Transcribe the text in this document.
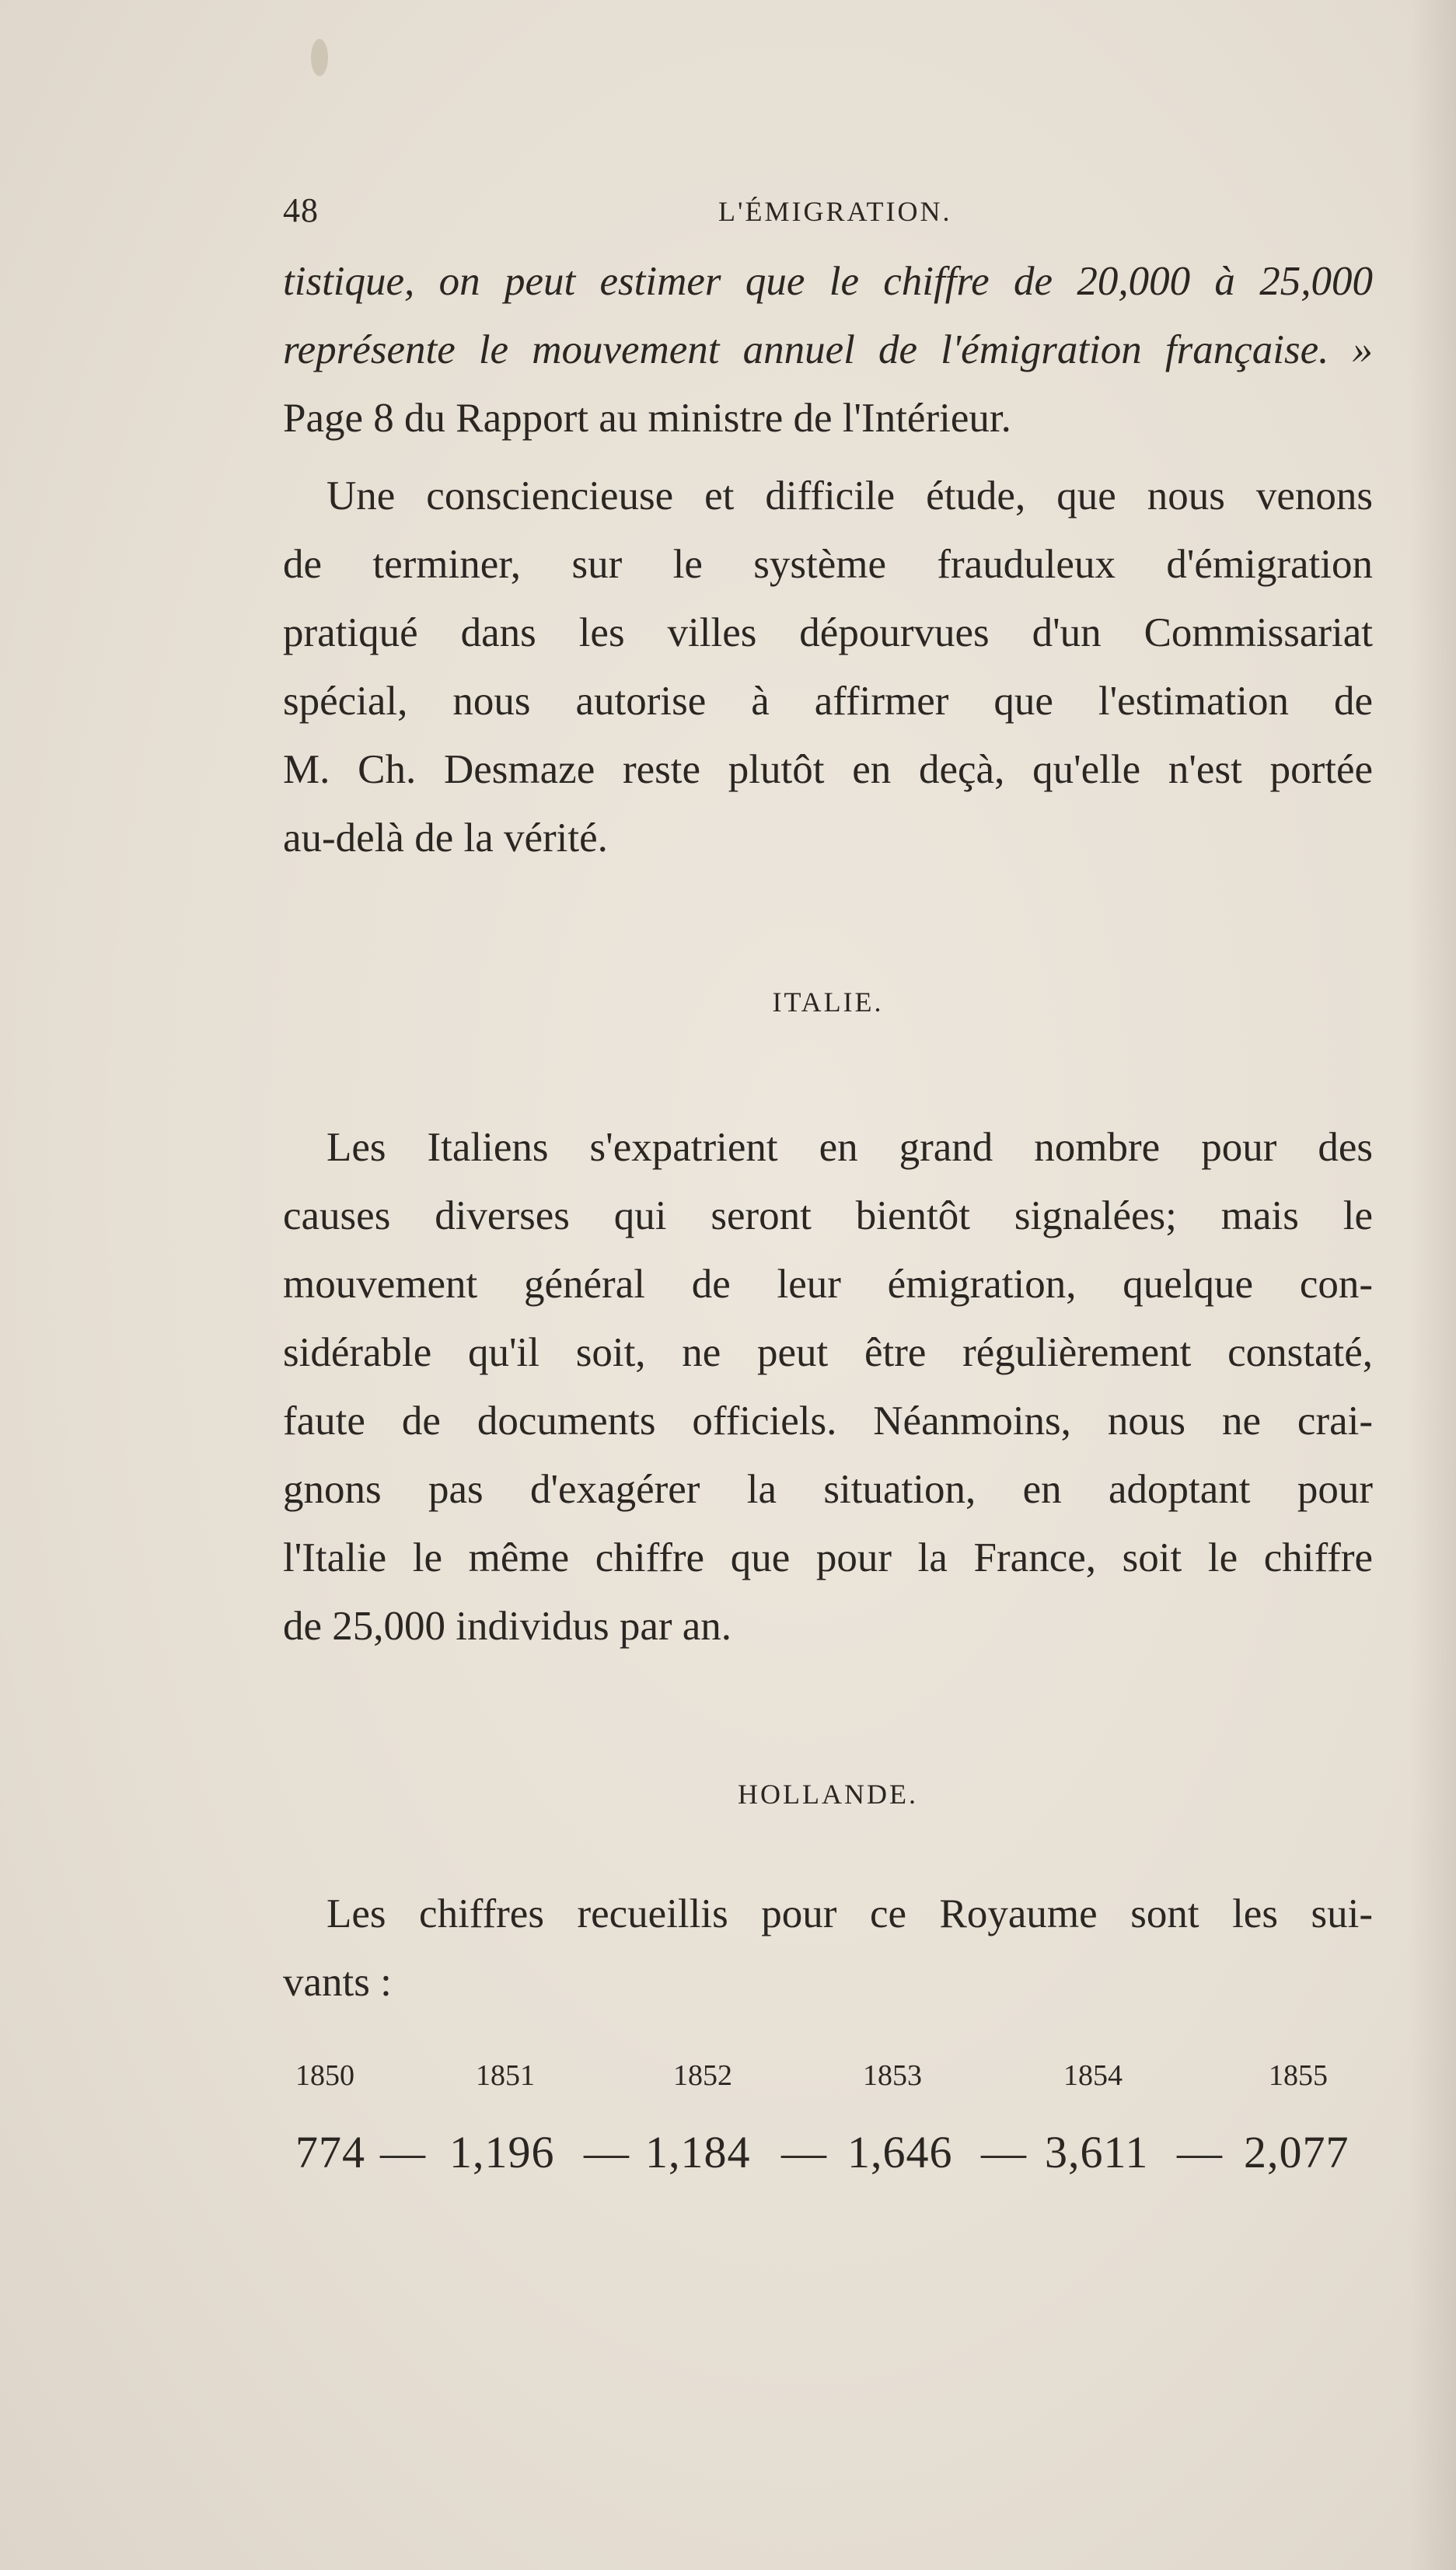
48	L'ÉMIGRATION.

tistique, on peut estimer que le chiffre de 20,000 à 25,000
représente le mouvement annuel de l'émigration française. »
Page 8 du Rapport au ministre de l'Intérieur.

Une consciencieuse et difficile étude, que nous venons
de terminer, sur le système frauduleux d'émigration
pratiqué dans les villes dépourvues d'un Commissariat
spécial, nous autorise à affirmer que l'estimation de
M. Ch. Desmaze reste plutôt en deçà, qu'elle n'est portée
au-delà de la vérité.

ITALIE.

Les Italiens s'expatrient en grand nombre pour des
causes diverses qui seront bientôt signalées; mais le
mouvement général de leur émigration, quelque con-
sidérable qu'il soit, ne peut être régulièrement constaté,
faute de documents officiels. Néanmoins, nous ne crai-
gnons pas d'exagérer la situation, en adoptant pour
l'Italie le même chiffre que pour la France, soit le chiffre
de 25,000 individus par an.

HOLLANDE.

Les chiffres recueillis pour ce Royaume sont les sui-
vants :

1850	1851	1852	1853	1854	1855
774 — 1,196 — 1,184 — 1,646 — 3,611 — 2,077
